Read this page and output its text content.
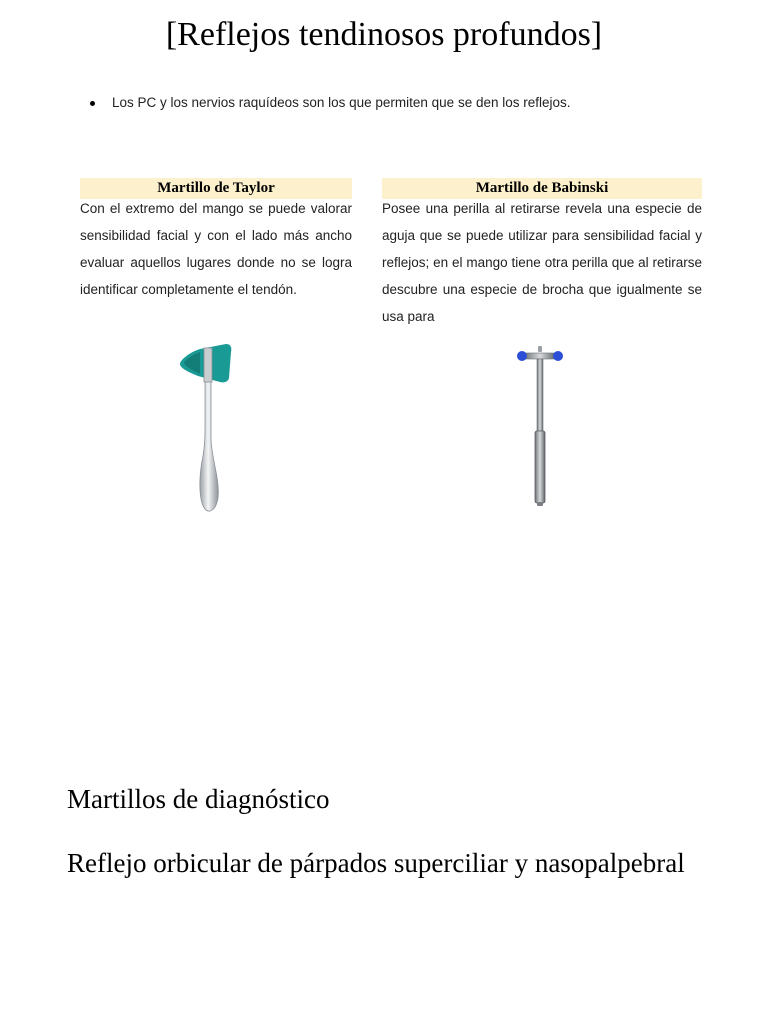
[Reflejos tendinosos profundos]
Los PC y los nervios raquídeos son los que permiten que se den los reflejos.
Martillo de Taylor
Con el extremo del mango se puede valorar sensibilidad facial y con el lado más ancho evaluar aquellos lugares donde no se logra identificar completamente el tendón.
Martillo de Babinski
Posee una perilla al retirarse revela una especie de aguja que se puede utilizar para sensibilidad facial y reflejos; en el mango tiene otra perilla que al retirarse descubre una especie de brocha que igualmente se usa para
Martillos de diagnóstico
Reflejo orbicular de párpados superciliar y nasopalpebral
